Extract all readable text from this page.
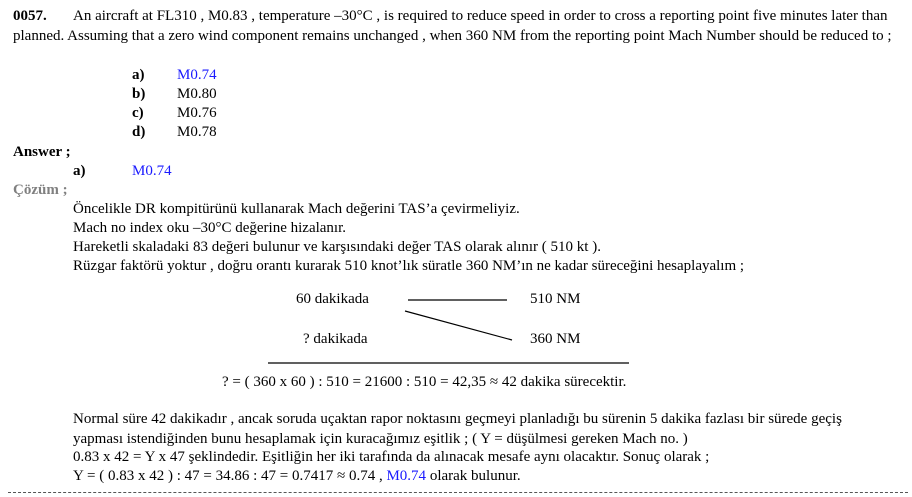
0057.	An aircraft at FL310 , M0.83 , temperature –30°C , is required to reduce speed in order to cross a reporting point five minutes later than planned. Assuming that a zero wind component remains unchanged , when 360 NM from the reporting point Mach Number should be reduced to ;
a) M0.74
b) M0.80
c) M0.76
d) M0.78
Answer ;
a)	M0.74
Çözüm ;
Öncelikle DR kompitürünü kullanarak Mach değerini TAS’a çevirmeliyiz.
Mach no index oku –30°C değerine hizalanır.
Hareketli skaladaki 83 değeri bulunur ve karşısındaki değer TAS olarak alınır ( 510 kt ).
Rüzgar faktörü yoktur , doğru orantı kurarak 510 knot’lık süratle 360 NM’ın ne kadar süreceğini hesaplayalım ;
60 dakikada	510 NM
? dakikada	360 NM
? = ( 360 x 60 ) : 510 = 21600 : 510 = 42,35 ≈ 42 dakika sürecektir.
Normal süre 42 dakikadır , ancak soruda uçaktan rapor noktasını geçmeyi planladığı bu sürenin 5 dakika fazlası bir sürede geçiş yapması istendiğinden bunu hesaplamak için kuracağımız eşitlik ; ( Y = düşülmesi gereken Mach no. )
0.83 x 42 = Y x 47 şeklindedir. Eşitliğin her iki tarafında da alınacak mesafe aynı olacaktır. Sonuç olarak ;
Y = ( 0.83 x 42 ) : 47 = 34.86 : 47 = 0.7417 ≈ 0.74 , M0.74 olarak bulunur.
